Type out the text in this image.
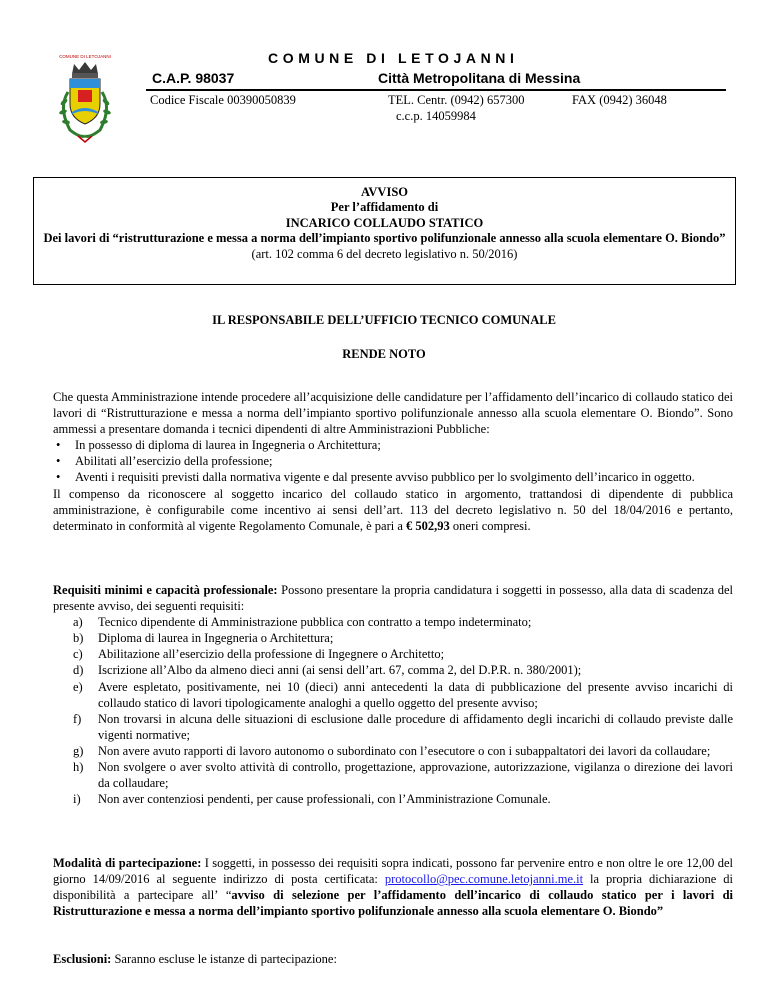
COMUNE DI LETOJANNI	COMUNE DI LETOJANNI
C.A.P. 98037	Città Metropolitana di Messina
Codice Fiscale 00390050839	TEL. Centr. (0942) 657300	FAX (0942) 36048
c.c.p. 14059984
AVVISO
Per l’affidamento di
INCARICO COLLAUDO STATICO
Dei lavori di “ristrutturazione e messa a norma dell’impianto sportivo polifunzionale annesso alla scuola elementare O. Biondo”
(art. 102 comma 6 del decreto legislativo n. 50/2016)
IL RESPONSABILE DELL’UFFICIO TECNICO COMUNALE
RENDE NOTO

Che questa Amministrazione intende procedere all’acquisizione delle candidature per l’affidamento dell’incarico di collaudo statico dei lavori di “Ristrutturazione e messa a norma dell’impianto sportivo polifunzionale annesso alla scuola elementare O. Biondo”. Sono ammessi a presentare domanda i tecnici dipendenti di altre Amministrazioni Pubbliche:

• In possesso di diploma di laurea in Ingegneria o Architettura;
• Abilitati all’esercizio della professione;
• Aventi i requisiti previsti dalla normativa vigente e dal presente avviso pubblico per lo svolgimento dell’incarico in oggetto.

Il compenso da riconoscere al soggetto incarico del collaudo statico in argomento, trattandosi di dipendente di pubblica amministrazione, è configurabile come incentivo ai sensi dell’art. 113 del decreto legislativo n. 50 del 18/04/2016 e pertanto, determinato in conformità al vigente Regolamento Comunale, è pari a € 502,93 oneri compresi.

Requisiti minimi e capacità professionale: Possono presentare la propria candidatura i soggetti in possesso, alla data di scadenza del presente avviso, dei seguenti requisiti:

a) Tecnico dipendente di Amministrazione pubblica con contratto a tempo indeterminato;
b) Diploma di laurea in Ingegneria o Architettura;
c) Abilitazione all’esercizio della professione di Ingegnere o Architetto;
d) Iscrizione all’Albo da almeno dieci anni (ai sensi dell’art. 67, comma 2, del D.P.R. n. 380/2001);
e) Avere espletato, positivamente, nei 10 (dieci) anni antecedenti la data di pubblicazione del presente avviso incarichi di collaudo statico di lavori tipologicamente analoghi a quello oggetto del presente avviso;
f) Non trovarsi in alcuna delle situazioni di esclusione dalle procedure di affidamento degli incarichi di collaudo previste dalle vigenti normative;
g) Non avere avuto rapporti di lavoro autonomo o subordinato con l’esecutore o con i subappaltatori dei lavori da collaudare;
h) Non svolgere o aver svolto attività di controllo, progettazione, approvazione, autorizzazione, vigilanza o direzione dei lavori da collaudare;
i) Non aver contenziosi pendenti, per cause professionali, con l’Amministrazione Comunale.

Modalità di partecipazione: I soggetti, in possesso dei requisiti sopra indicati, possono far pervenire entro e non oltre le ore 12,00 del giorno 14/09/2016 al seguente indirizzo di posta certificata: protocollo@pec.comune.letojanni.me.it la propria dichiarazione di disponibilità a partecipare all’ “avviso di selezione per l’affidamento dell’incarico di collaudo statico per i lavori di Ristrutturazione e messa a norma dell’impianto sportivo polifunzionale annesso alla scuola elementare O. Biondo”

Esclusioni: Saranno escluse le istanze di partecipazione:
